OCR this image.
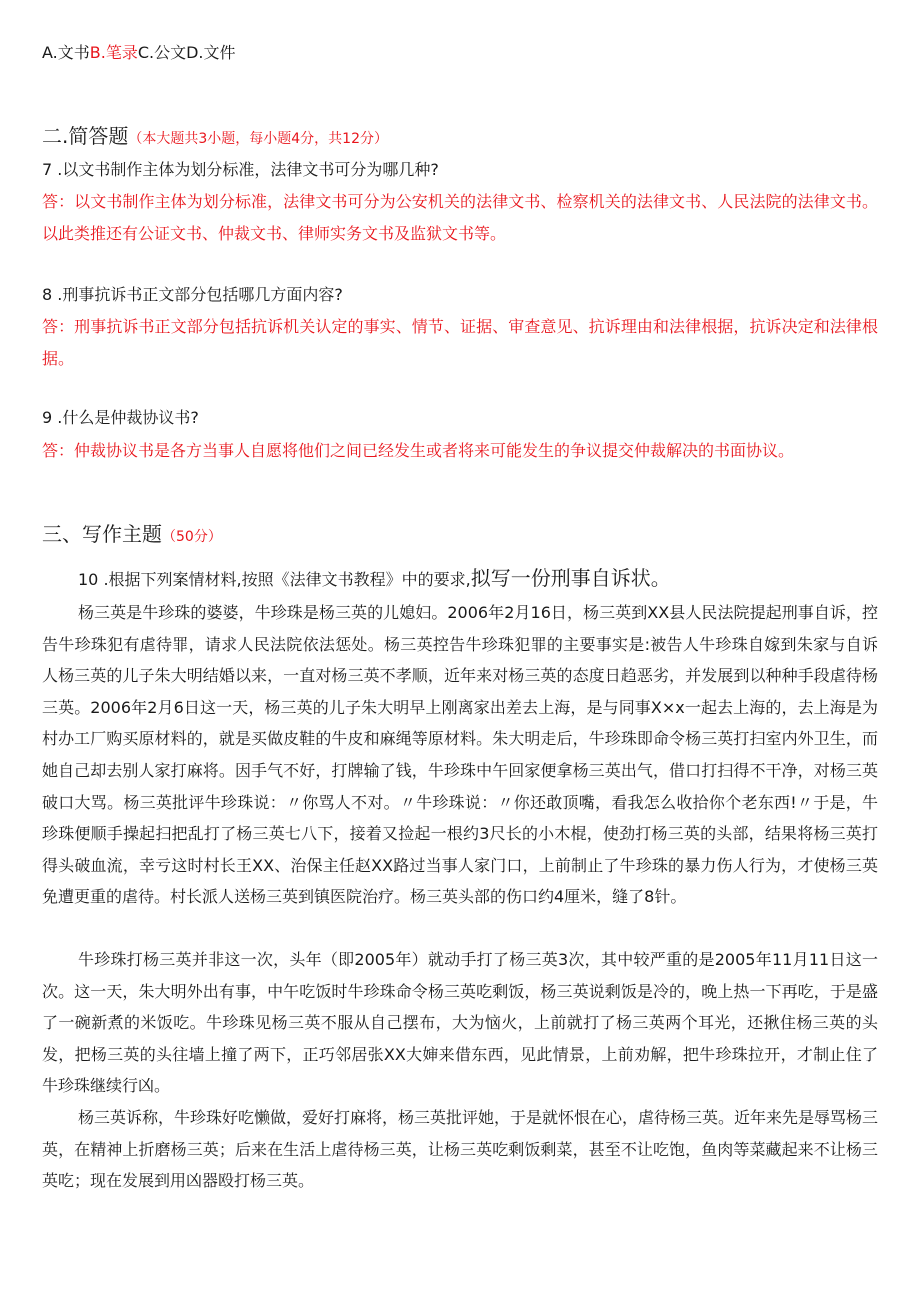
A.文书B.笔录C.公文D.文件
二.简答题（本大题共3小题，每小题4分，共12分）
7 .以文书制作主体为划分标准，法律文书可分为哪几种?
答：以文书制作主体为划分标准，法律文书可分为公安机关的法律文书、检察机关的法律文书、人民法院的法律文书。以此类推还有公证文书、仲裁文书、律师实务文书及监狱文书等。
8 .刑事抗诉书正文部分包括哪几方面内容?
答：刑事抗诉书正文部分包括抗诉机关认定的事实、情节、证据、审查意见、抗诉理由和法律根据，抗诉决定和法律根据。
9 .什么是仲裁协议书?
答：仲裁协议书是各方当事人自愿将他们之间已经发生或者将来可能发生的争议提交仲裁解决的书面协议。
三、写作主题（50分）
10 .根据下列案情材料,按照《法律文书教程》中的要求,拟写一份刑事自诉状。
杨三英是牛珍珠的婆婆，牛珍珠是杨三英的儿媳妇。2006年2月16日，杨三英到XX县人民法院提起刑事自诉，控告牛珍珠犯有虐待罪，请求人民法院依法惩处。杨三英控告牛珍珠犯罪的主要事实是:被告人牛珍珠自嫁到朱家与自诉人杨三英的儿子朱大明结婚以来，一直对杨三英不孝顺，近年来对杨三英的态度日趋恶劣，并发展到以种种手段虐待杨三英。2006年2月6日这一天，杨三英的儿子朱大明早上刚离家出差去上海，是与同事X×x一起去上海的，去上海是为村办工厂购买原材料的，就是买做皮鞋的牛皮和麻绳等原材料。朱大明走后，牛珍珠即命令杨三英打扫室内外卫生，而她自己却去别人家打麻将。因手气不好，打牌输了钱，牛珍珠中午回家便拿杨三英出气，借口打扫得不干净，对杨三英破口大骂。杨三英批评牛珍珠说：〃你骂人不对。〃牛珍珠说：〃你还敢顶嘴，看我怎么收拾你个老东西!〃于是，牛珍珠便顺手操起扫把乱打了杨三英七八下，接着又捡起一根约3尺长的小木棍，使劲打杨三英的头部，结果将杨三英打得头破血流，幸亏这时村长王XX、治保主任赵XX路过当事人家门口，上前制止了牛珍珠的暴力伤人行为，才使杨三英免遭更重的虐待。村长派人送杨三英到镇医院治疗。杨三英头部的伤口约4厘米，缝了8针。
牛珍珠打杨三英并非这一次，头年（即2005年）就动手打了杨三英3次，其中较严重的是2005年11月11日这一次。这一天，朱大明外出有事，中午吃饭时牛珍珠命令杨三英吃剩饭，杨三英说剩饭是冷的，晚上热一下再吃，于是盛了一碗新煮的米饭吃。牛珍珠见杨三英不服从自己摆布，大为恼火，上前就打了杨三英两个耳光，还揪住杨三英的头发，把杨三英的头往墙上撞了两下，正巧邻居张XX大婶来借东西，见此情景，上前劝解，把牛珍珠拉开，才制止住了牛珍珠继续行凶。
杨三英诉称，牛珍珠好吃懒做，爱好打麻将，杨三英批评她，于是就怀恨在心，虐待杨三英。近年来先是辱骂杨三英，在精神上折磨杨三英；后来在生活上虐待杨三英，让杨三英吃剩饭剩菜，甚至不让吃饱，鱼肉等菜藏起来不让杨三英吃；现在发展到用凶器殴打杨三英。
